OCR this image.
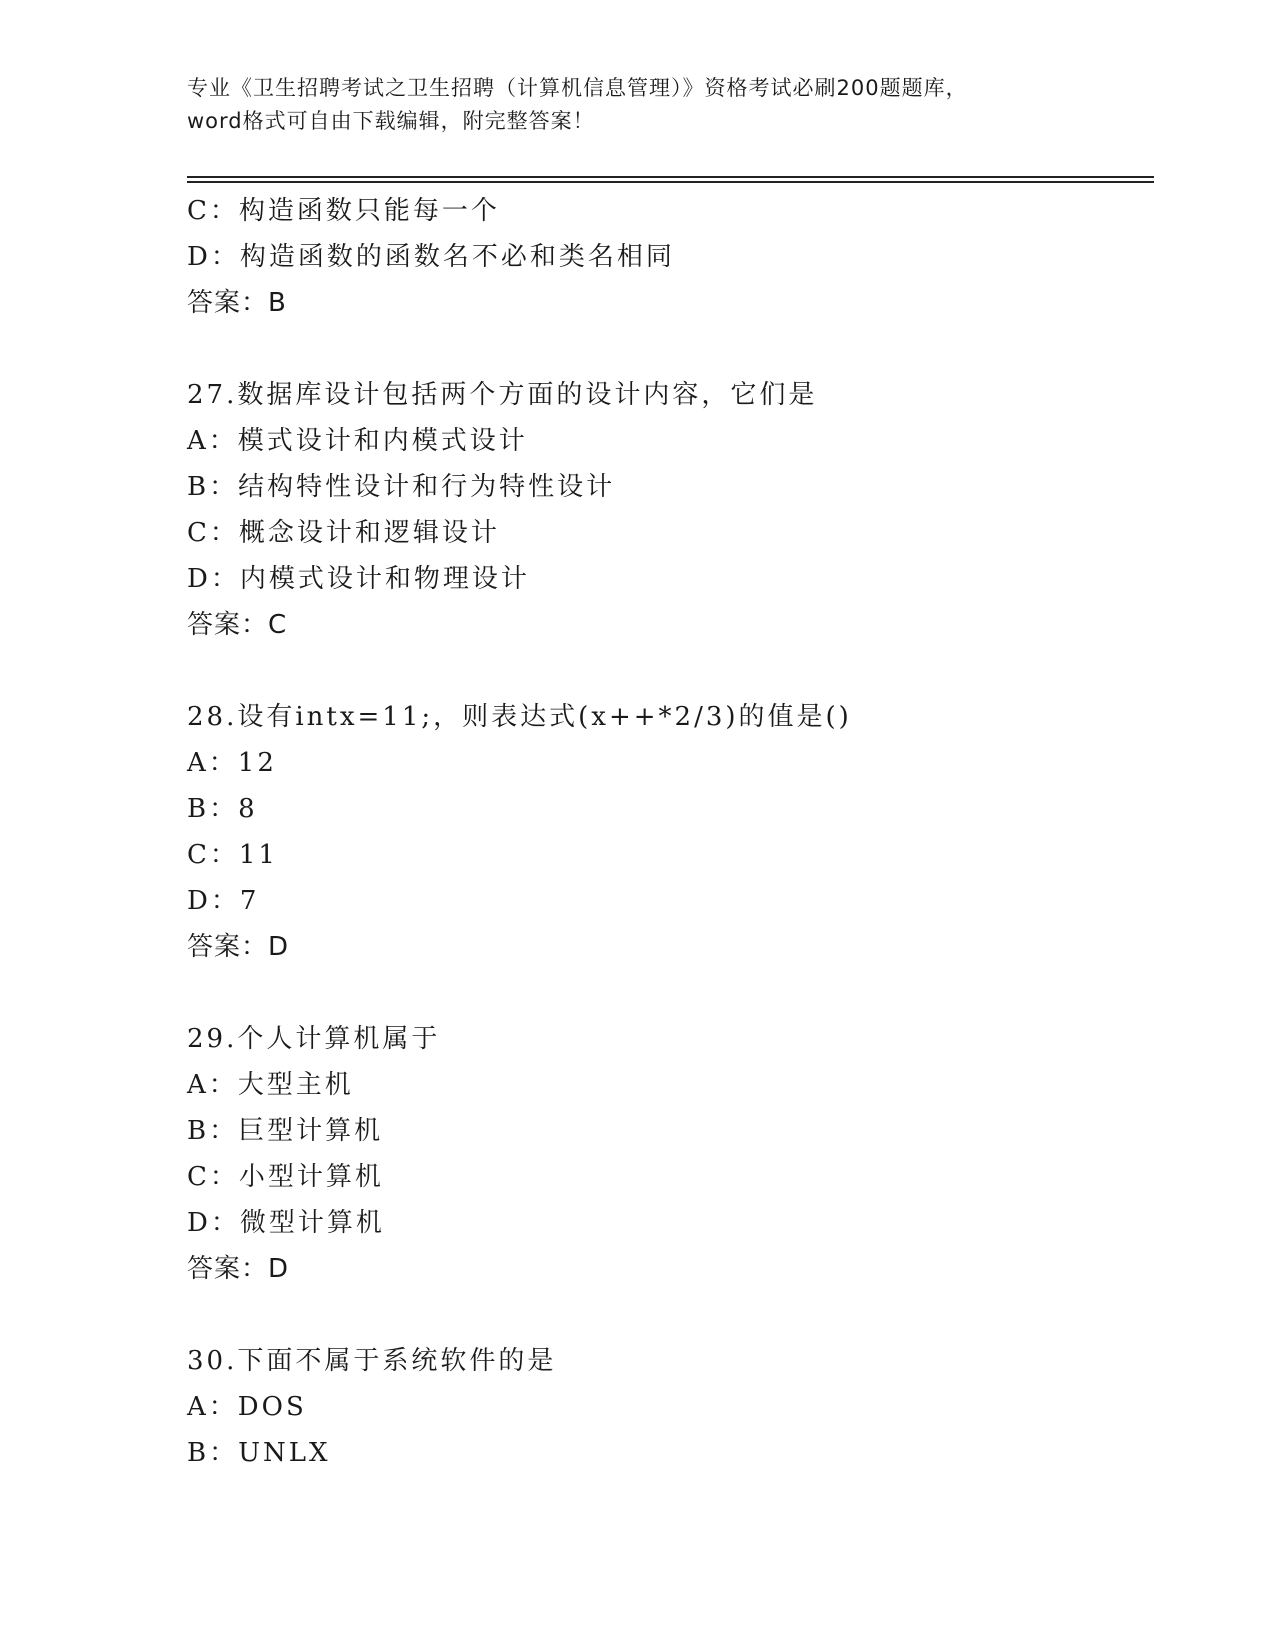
专业《卫生招聘考试之卫生招聘（计算机信息管理）》资格考试必刷200题题库，
word格式可自由下载编辑，附完整答案！
C：构造函数只能每一个
D：构造函数的函数名不必和类名相同
答案：B
27.数据库设计包括两个方面的设计内容，它们是
A：模式设计和内模式设计
B：结构特性设计和行为特性设计
C：概念设计和逻辑设计
D：内模式设计和物理设计
答案：C
28.设有intx=11;，则表达式(x++*2/3)的值是()
A：12
B：8
C：11
D：7
答案：D
29.个人计算机属于
A：大型主机
B：巨型计算机
C：小型计算机
D：微型计算机
答案：D
30.下面不属于系统软件的是
A：DOS
B：UNLX
